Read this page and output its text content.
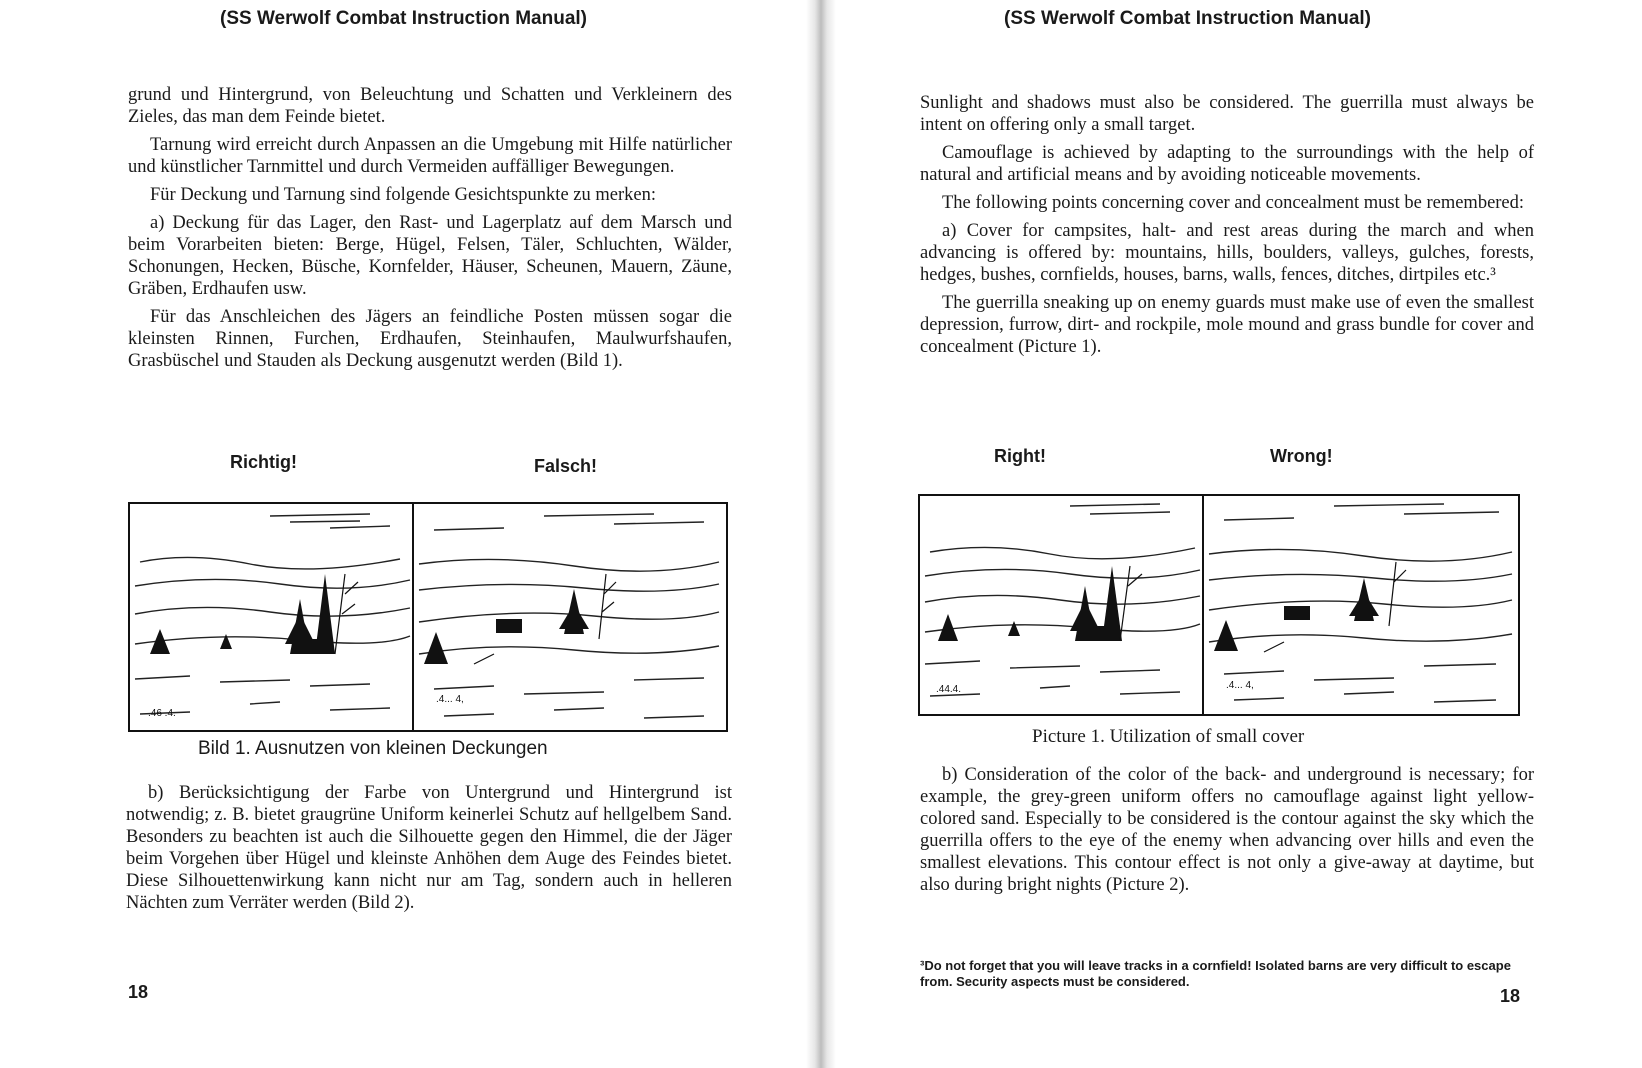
(SS Werwolf Combat Instruction Manual)

grund und Hintergrund, von Beleuchtung und Schatten und Verkleinern des Zieles, das man dem Feinde bietet.

Tarnung wird erreicht durch Anpassen an die Umgebung mit Hilfe natürlicher und künstlicher Tarnmittel und durch Vermeiden auffälliger Bewegungen.

Für Deckung und Tarnung sind folgende Gesichtspunkte zu merken:

a) Deckung für das Lager, den Rast- und Lagerplatz auf dem Marsch und beim Vorarbeiten bieten: Berge, Hügel, Felsen, Täler, Schluchten, Wälder, Schonungen, Hecken, Büsche, Kornfelder, Häuser, Scheunen, Mauern, Zäune, Gräben, Erdhaufen usw.

Für das Anschleichen des Jägers an feindliche Posten müssen sogar die kleinsten Rinnen, Furchen, Erdhaufen, Steinhaufen, Maulwurfshaufen, Grasbüschel und Stauden als Deckung ausgenutzt werden (Bild 1).

Richtig!	Falsch!
.46 .4.
.4... 4,
Bild 1. Ausnutzen von kleinen Deckungen

b) Berücksichtigung der Farbe von Untergrund und Hintergrund ist notwendig; z. B. bietet graugrüne Uniform keinerlei Schutz auf hellgelbem Sand. Besonders zu beachten ist auch die Silhouette gegen den Himmel, die der Jäger beim Vorgehen über Hügel und kleinste Anhöhen dem Auge des Feindes bietet. Diese Silhouettenwirkung kann nicht nur am Tag, sondern auch in helleren Nächten zum Verräter werden (Bild 2).

18
(SS Werwolf Combat Instruction Manual)

Sunlight and shadows must also be considered. The guerrilla must always be intent on offering only a small target.

Camouflage is achieved by adapting to the surroundings with the help of natural and artificial means and by avoiding noticeable movements.

The following points concerning cover and concealment must be remembered:

a) Cover for campsites, halt- and rest areas during the march and when advancing is offered by: mountains, hills, boulders, valleys, gulches, forests, hedges, bushes, cornfields, houses, barns, walls, fences, ditches, dirtpiles etc.³

The guerrilla sneaking up on enemy guards must make use of even the smallest depression, furrow, dirt- and rockpile, mole mound and grass bundle for cover and concealment (Picture 1).

Right!	Wrong!
.44.4.	.4... 4,
Picture 1. Utilization of small cover

b) Consideration of the color of the back- and underground is necessary; for example, the grey-green uniform offers no camouflage against light yellow-colored sand. Especially to be considered is the contour against the sky which the guerrilla offers to the eye of the enemy when advancing over hills and even the smallest elevations. This contour effect is not only a give-away at daytime, but also during bright nights (Picture 2).

³Do not forget that you will leave tracks in a cornfield! Isolated barns are very difficult to escape from. Security aspects must be considered.
18
